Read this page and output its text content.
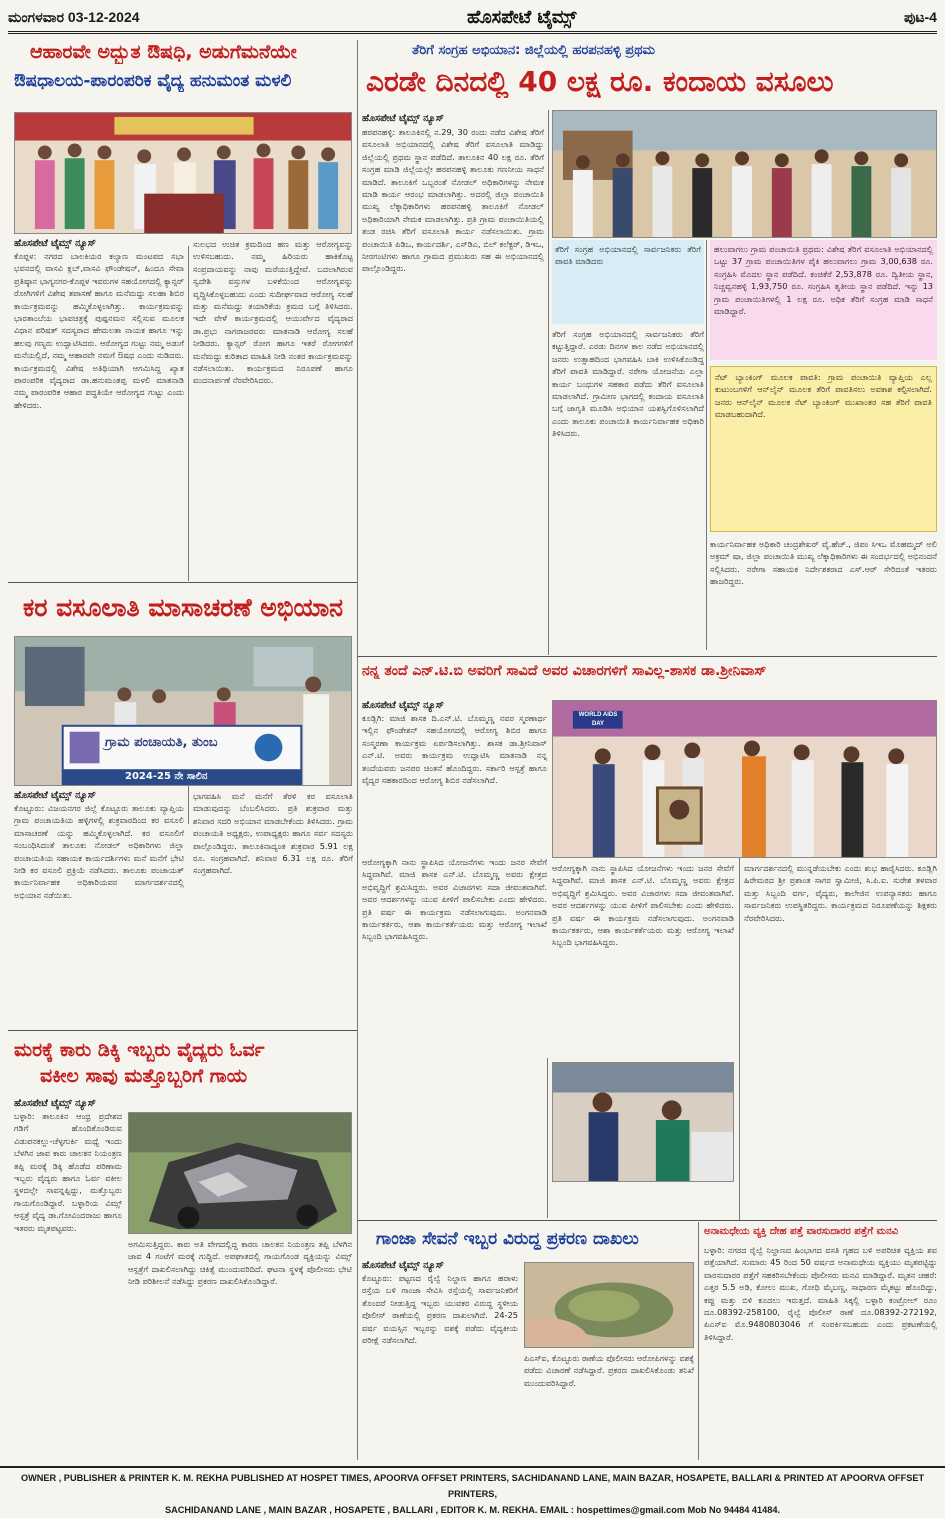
ಮಂಗಳವಾರ 03-12-2024	ಹೊಸಪೇಟೆ ಟೈಮ್ಸ್	ಪುಟ-4
ಆಹಾರವೇ ಅದ್ಭುತ ಔಷಧಿ, ಅಡುಗೆಮನೆಯೇ
ಔಷಧಾಲಯ-ಪಾರಂಪರಿಕ ವೈದ್ಯ ಹನುಮಂತ ಮಳಲಿ
ಹೊಸಪೇಟೆ ಟೈಮ್ಸ್ ನ್ಯೂಸ್
ಕೊಪ್ಪಳ: ನಗರದ ಬಾಲಕಿಯರ ಕಲ್ಯಾಣ ಮಂಟಪದ ಸಭಾ ಭವನದಲ್ಲಿ ವಾಸವಿ ಕ್ಲಬ್,ವಾಸವಿ ಫೌಂಡೇಷನ್, ಹಿಂದೂ ಸೇವಾ ಪ್ರತಿಷ್ಠಾನ ಭಾಗ್ಯನಗರ-ಕೊಪ್ಪಳ ಇವರುಗಳ ಸಹಯೋಗದಲ್ಲಿ ಕ್ಯಾನ್ಸರ್ ರೋಗಿಗಳಿಗೆ ವಿಶೇಷ ತಪಾಸಣೆ ಹಾಗೂ ಮನೆಮದ್ದು ಸಲಹಾ ಶಿಬಿರ ಕಾರ್ಯಕ್ರಮವನ್ನು ಹಮ್ಮಿಕೊಳ್ಳಲಾಗಿತ್ತು. ಕಾರ್ಯಕ್ರಮವನ್ನು ಭಾರತಾಂಬೆಯ ಭಾವಚಿತ್ರಕ್ಕೆ ಪುಷ್ಪನಮನ ಸಲ್ಲಿಸುವ ಮೂಲಕ ವಿಧಾನ ಪರಿಷತ್ ಸದಸ್ಯರಾದ ಹೇಮಲತಾ ನಾಯಕ ಹಾಗೂ ಇನ್ನು ಹಲವು ಗಣ್ಯರು ಉದ್ಘಾಟಿಸಿದರು. ಆರೋಗ್ಯದ ಗುಟ್ಟು ನಮ್ಮ ಅಡುಗೆ ಮನೆಯಲ್ಲಿದೆ, ನಮ್ಮ ಆಹಾರವೇ ನಮಗೆ ಔಷಧ ಎಂದು ನುಡಿದರು. ಕಾರ್ಯಕ್ರಮದಲ್ಲಿ ವಿಶೇಷ ಅತಿಥಿಯಾಗಿ ಆಗಮಿಸಿದ್ದ ಖ್ಯಾತ ಪಾರಂಪರಿಕ ವೈದ್ಯರಾದ ಡಾ.ಹನುಮಂತಪ್ಪ ಮಳಲಿ ಮಾತನಾಡಿ ನಮ್ಮ ಪಾರಂಪರಿಕ ಆಹಾರ ಪದ್ಧತಿಯೇ ಆರೋಗ್ಯದ ಗುಟ್ಟು ಎಂದು ಹೇಳಿದರು.
ಸುಲಭದ ಉಚಿತ ಕ್ರಮದಿಂದ ಹಣ ಮತ್ತು ಆರೋಗ್ಯವನ್ನು ಉಳಿಸಬಹುದು. ನಮ್ಮ ಹಿರಿಯರು ಹಾಕಿಕೊಟ್ಟ ಸಂಪ್ರದಾಯವನ್ನು ನಾವು ಮರೆಯುತ್ತಿದ್ದೇವೆ. ಬದಲಾಗಿರುವ ಸ್ವದೇಶಿ ವಸ್ತುಗಳ ಬಳಕೆಯಿಂದ ಆರೋಗ್ಯವನ್ನು ವೃದ್ಧಿಸಿಕೊಳ್ಳಬಹುದು ಎಂದು ಸುದೀರ್ಘವಾದ ಆರೋಗ್ಯ ಸಲಹೆ ಮತ್ತು ಮನೆಮದ್ದು ತಯಾರಿಕೆಯ ಕ್ರಮದ ಬಗ್ಗೆ ತಿಳಿಸಿದರು. ಇದೇ ವೇಳೆ ಕಾರ್ಯಕ್ರಮದಲ್ಲಿ ಆಯುರ್ವೇದ ವೈದ್ಯರಾದ ಡಾ.ಪ್ರಭು ನಾಗರಾಜರವರು ಮಾತನಾಡಿ ಆರೋಗ್ಯ ಸಲಹೆ ನೀಡಿದರು. ಕ್ಯಾನ್ಸರ್ ರೋಗ ಹಾಗೂ ಇತರೆ ರೋಗಗಳಿಗೆ ಮನೆಮದ್ದು ಕುರಿತಾದ ಮಾಹಿತಿ ನೀಡಿ ನಂತರ ಕಾರ್ಯಕ್ರಮವನ್ನು ನಡೆಸಲಾಯಿತು. ಕಾರ್ಯಕ್ರಮದ ನಿರೂಪಣೆ ಹಾಗೂ ವಂದನಾರ್ಪಣೆ ನೆರವೇರಿಸಿದರು.
ಕರ ವಸೂಲಾತಿ ಮಾಸಾಚರಣೆ ಅಭಿಯಾನ
ಗ್ರಾಮ ಪಂಚಾಯತಿ, ತುಂಬ
2024-25 ನೇ ಸಾಲಿನ
ಹೊಸಪೇಟೆ ಟೈಮ್ಸ್ ನ್ಯೂಸ್
ಕೊಟ್ಟೂರು: ವಿಜಯನಗರ ಜಿಲ್ಲೆ ಕೊಟ್ಟೂರು ತಾಲೂಕು ವ್ಯಾಪ್ತಿಯ ಗ್ರಾಮ ಪಂಚಾಯತಿಯ ಹಳ್ಳಿಗಳಲ್ಲಿ ಶುಕ್ರವಾರದಿಂದ ಕರ ವಸೂಲಿ ಮಾಸಾಚರಣೆ ಯನ್ನು ಹಮ್ಮಿಕೊಳ್ಳಲಾಗಿದೆ. ಕರ ವಸೂಲಿಗೆ ಸಂಬಂಧಿಸಿದಂತೆ ತಾಲೂಕು ನೋಡಲ್ ಅಧಿಕಾರಿಗಳು ಜಿಲ್ಲಾ ಪಂಚಾಯತಿಯ ಸಹಾಯಕ ಕಾರ್ಯದರ್ಶಿಗಳು ಮನೆ ಮನೆಗೆ ಭೇಟಿ ನೀಡಿ ಕರ ವಸೂಲಿ ಪ್ರಕ್ರಿಯೆ ನಡೆಸಿದರು. ತಾಲೂಕು ಪಂಚಾಯತ್ ಕಾರ್ಯನಿರ್ವಾಹಕ ಅಧಿಕಾರಿಯವರ ಮಾರ್ಗದರ್ಶನದಲ್ಲಿ ಅಭಿಯಾನ ನಡೆಯಿತು.
ಭಾಗವಹಿಸಿ ಮನೆ ಮನೆಗೆ ತೆರಳಿ ಕರ ವಸೂಲಾತಿ ಮಾಡುವುದನ್ನು ಬೆಂಬಲಿಸಿದರು. ಪ್ರತಿ ಶುಕ್ರವಾರ ಮತ್ತು ಶನಿವಾರ ಸದರಿ ಅಭಿಯಾನ ಮಾಡಬೇಕೆಂದು ತಿಳಿಸಿದರು. ಗ್ರಾಮ ಪಂಚಾಯತಿ ಅಧ್ಯಕ್ಷರು, ಉಪಾಧ್ಯಕ್ಷರು ಹಾಗೂ ಸರ್ವ ಸದಸ್ಯರು ಪಾಲ್ಗೊಂಡಿದ್ದರು. ತಾಲೂಕಿನಾದ್ಯಂತ ಶುಕ್ರವಾರ 5.91 ಲಕ್ಷ ರೂ. ಸಂಗ್ರಹವಾಗಿದೆ. ಶನಿವಾರ 6.31 ಲಕ್ಷ ರೂ. ತೆರಿಗೆ ಸಂಗ್ರಹವಾಗಿದೆ.
ಮರಕ್ಕೆ ಕಾರು ಡಿಕ್ಕಿ ಇಬ್ಬರು ವೈದ್ಯರು ಓರ್ವ
ವಕೀಲ ಸಾವು ಮತ್ತೊಬ್ಬರಿಗೆ ಗಾಯ
ಹೊಸಪೇಟೆ ಟೈಮ್ಸ್ ನ್ಯೂಸ್
ಬಳ್ಳಾರಿ: ತಾಲೂಕಿನ ಆಂಧ್ರ ಪ್ರದೇಶದ ಗಡಿಗೆ ಹೊಂದಿಕೊಂಡಿರುವ ವಿಡುಪನಕಲ್ಲು-ಚೆಳ್ಳಗುರ್ಕಿ ಮಧ್ಯೆ ಇಂದು ಬೆಳಗಿನ ಜಾವ ಕಾರು ಚಾಲಕನ ನಿಯಂತ್ರಣ ತಪ್ಪಿ ಮರಕ್ಕೆ ಡಿಕ್ಕಿ ಹೊಡೆದ ಪರಿಣಾಮ ಇಬ್ಬರು ವೈದ್ಯರು ಹಾಗೂ ಓರ್ವ ವಕೀಲ ಸ್ಥಳದಲ್ಲೇ ಸಾವನ್ನಪ್ಪಿದ್ದು, ಮತ್ತೊಬ್ಬರು ಗಾಯಗೊಂಡಿದ್ದಾರೆ. ಬಳ್ಳಾರಿಯ ವಿಮ್ಸ್ ಆಸ್ಪತ್ರೆ ವೈದ್ಯ ಡಾ.ಗೋವಿಂದರಾಜು ಹಾಗೂ ಇತರರು ಮೃತಪಟ್ಟವರು.
ಅಗಮಿಸುತ್ತಿದ್ದರು. ಕಾರು ಅತಿ ವೇಗದಲ್ಲಿದ್ದ ಕಾರಣ ಚಾಲಕನ ನಿಯಂತ್ರಣ ತಪ್ಪಿ ಬೆಳಗಿನ ಜಾವ 4 ಗಂಟೆಗೆ ಮರಕ್ಕೆ ಗುದ್ದಿದೆ. ಅಪಘಾತದಲ್ಲಿ ಗಾಯಗೊಂಡ ವ್ಯಕ್ತಿಯನ್ನು ವಿಮ್ಸ್ ಆಸ್ಪತ್ರೆಗೆ ದಾಖಲಿಸಲಾಗಿದ್ದು ಚಿಕಿತ್ಸೆ ಮುಂದುವರಿದಿದೆ. ಘಟನಾ ಸ್ಥಳಕ್ಕೆ ಪೊಲೀಸರು ಭೇಟಿ ನೀಡಿ ಪರಿಶೀಲನೆ ನಡೆಸಿದ್ದು ಪ್ರಕರಣ ದಾಖಲಿಸಿಕೊಂಡಿದ್ದಾರೆ.
ತೆರಿಗೆ ಸಂಗ್ರಹ ಅಭಿಯಾನ: ಜಿಲ್ಲೆಯಲ್ಲಿ ಹರಪನಹಳ್ಳಿ ಪ್ರಥಮ
ಎರಡೇ ದಿನದಲ್ಲಿ 40 ಲಕ್ಷ ರೂ. ಕಂದಾಯ ವಸೂಲು
ಹೊಸಪೇಟೆ ಟೈಮ್ಸ್ ನ್ಯೂಸ್
ಹರಪನಹಳ್ಳಿ: ತಾಲೂಕಿನಲ್ಲಿ ನ.29, 30 ರಂದು ನಡೆದ ವಿಶೇಷ ತೆರಿಗೆ ವಸೂಲಾತಿ ಅಭಿಯಾನದಲ್ಲಿ ವಿಶೇಷ ತೆರಿಗೆ ವಸೂಲಾತಿ ಮಾಡಿದ್ದು ಜಿಲ್ಲೆಯಲ್ಲಿ ಪ್ರಥಮ ಸ್ಥಾನ ಪಡೆದಿದೆ. ತಾಲೂಕಿನ 40 ಲಕ್ಷ ರೂ. ತೆರಿಗೆ ಸಂಗ್ರಹ ಮಾಡಿ ಜಿಲ್ಲೆಯಲ್ಲೇ ಹರಪನಹಳ್ಳಿ ತಾಲೂಕು ಗಣನೀಯ ಸಾಧನೆ ಮಾಡಿದೆ. ತಾಲೂಕಿಗೆ ಒಬ್ಬರಂತೆ ನೋಡಲ್ ಅಧಿಕಾರಿಗಳನ್ನು ನೇಮಕ ಮಾಡಿ ಕಾರ್ಯ ಆರಂಭ ಮಾಡಲಾಗಿತ್ತು. ಅದರಲ್ಲಿ ಜಿಲ್ಲಾ ಪಂಚಾಯಿತಿ ಮುಖ್ಯ ಲೆಕ್ಕಾಧಿಕಾರಿಗಳು ಹರಪನಹಳ್ಳಿ ತಾಲೂಕಿಗೆ ನೋಡಲ್ ಅಧಿಕಾರಿಯಾಗಿ ನೇಮಕ ಮಾಡಲಾಗಿತ್ತು. ಪ್ರತಿ ಗ್ರಾಮ ಪಂಚಾಯಿತಿಯಲ್ಲಿ ತಂಡ ರಚಿಸಿ ತೆರಿಗೆ ವಸೂಲಾತಿ ಕಾರ್ಯ ನಡೆಸಲಾಯಿತು. ಗ್ರಾಮ ಪಂಚಾಯಿತಿ ಪಿಡಿಒ, ಕಾರ್ಯದರ್ಶಿ, ಎಸ್‌ಡಿಎ, ಬಿಲ್ ಕಲೆಕ್ಟರ್, ಡಿಇಒ, ನೀರಗಂಟಿಗಳು ಹಾಗೂ ಗ್ರಾಮದ ಪ್ರಮುಖರು ಸಹ ಈ ಅಭಿಯಾನದಲ್ಲಿ ಪಾಲ್ಗೊಂಡಿದ್ದರು.
ತೆರಿಗೆ ಸಂಗ್ರಹ ಅಭಿಯಾನದಲ್ಲಿ ಸಾರ್ವಜನಿಕರು ತೆರಿಗೆ ಪಾವತಿ ಮಾಡಿದರು
ತೆರಿಗೆ ಸಂಗ್ರಹ ಅಭಿಯಾನದಲ್ಲಿ ಸಾರ್ವಜನಿಕರು ತೆರಿಗೆ ಕಟ್ಟುತ್ತಿದ್ದಾರೆ. ಎರಡು ದಿನಗಳ ಕಾಲ ನಡೆದ ಅಭಿಯಾನದಲ್ಲಿ ಜನರು ಉತ್ಸಾಹದಿಂದ ಭಾಗವಹಿಸಿ ಬಾಕಿ ಉಳಿಸಿಕೊಂಡಿದ್ದ ತೆರಿಗೆ ಪಾವತಿ ಮಾಡಿದ್ದಾರೆ. ನರೇಗಾ ಯೋಜನೆಯ ಎಲ್ಲಾ ಕಾರ್ಯ ಬಂಧುಗಳ ಸಹಕಾರ ಪಡೆದು ತೆರಿಗೆ ವಸೂಲಾತಿ ಮಾಡಲಾಗಿದೆ. ಗ್ರಾಮೀಣ ಭಾಗದಲ್ಲಿ ಕಂದಾಯ ವಸೂಲಾತಿ ಬಗ್ಗೆ ಜಾಗೃತಿ ಮೂಡಿಸಿ ಅಭಿಯಾನ ಯಶಸ್ವಿಗೊಳಿಸಲಾಗಿದೆ ಎಂದು ತಾಲೂಕು ಪಂಚಾಯಿತಿ ಕಾರ್ಯನಿರ್ವಾಹಕ ಅಧಿಕಾರಿ ತಿಳಿಸಿದರು.
ಹಲುವಾಗಲು ಗ್ರಾಮ ಪಂಚಾಯಿತಿ ಪ್ರಥಮ: ವಿಶೇಷ ತೆರಿಗೆ ವಸೂಲಾತಿ ಅಭಿಯಾನದಲ್ಲಿ ಒಟ್ಟು 37 ಗ್ರಾಮ ಪಂಚಾಯಿತಿಗಳ ಪೈಕಿ ಹಲುವಾಗಲು ಗ್ರಾಮ 3,00,638 ರೂ. ಸಂಗ್ರಹಿಸಿ ಮೊದಲ ಸ್ಥಾನ ಪಡೆದಿದೆ. ಕಂಚಿಕೆರೆ 2,53,878 ರೂ. ದ್ವಿತೀಯ ಸ್ಥಾನ, ನಿಚ್ಚವ್ವನಹಳ್ಳಿ 1,93,750 ರೂ. ಸಂಗ್ರಹಿಸಿ ತೃತೀಯ ಸ್ಥಾನ ಪಡೆದಿದೆ. ಇನ್ನು 13 ಗ್ರಾಮ ಪಂಚಾಯಿತಿಗಳಲ್ಲಿ 1 ಲಕ್ಷ ರೂ. ಅಧಿಕ ತೆರಿಗೆ ಸಂಗ್ರಹ ಮಾಡಿ ಸಾಧನೆ ಮಾಡಿದ್ದಾರೆ.
ನೆಟ್ ಬ್ಯಾಂಕಿಂಗ್ ಮೂಲಕ ಪಾವತಿ: ಗ್ರಾಮ ಪಂಚಾಯಿತಿ ವ್ಯಾಪ್ತಿಯ ಎಲ್ಲ ಕುಟುಂಬಗಳಿಗೆ ಆನ್‌ಲೈನ್ ಮೂಲಕ ತೆರಿಗೆ ಪಾವತಿಸಲು ಅವಕಾಶ ಕಲ್ಪಿಸಲಾಗಿದೆ. ಜನರು ಆನ್‌ಲೈನ್ ಮೂಲಕ ನೆಟ್ ಬ್ಯಾಂಕಿಂಗ್ ಮುಖಾಂತರ ಸಹ ತೆರಿಗೆ ಪಾವತಿ ಮಾಡಬಹುದಾಗಿದೆ.
ಕಾರ್ಯನಿರ್ವಾಹಕ ಅಧಿಕಾರಿ ಚಂದ್ರಶೇಖರ್ ವೈ.ಹೆಚ್., ಜಿಪಂ ಸಿಇಒ ಮೊಹಮ್ಮದ್ ಅಲಿ ಅಕ್ರಮ್ ಷಾ, ಜಿಲ್ಲಾ ಪಂಚಾಯಿತಿ ಮುಖ್ಯ ಲೆಕ್ಕಾಧಿಕಾರಿಗಳು ಈ ಸಂದರ್ಭದಲ್ಲಿ ಅಭಿನಂದನೆ ಸಲ್ಲಿಸಿದರು. ನರೇಗಾ ಸಹಾಯಕ ನಿರ್ದೇಶಕರಾದ ಎಸ್.ಆರ್ ಸೇರಿದಂತೆ ಇತರರು ಹಾಜರಿದ್ದರು.
ನನ್ನ ತಂದೆ ಎನ್.ಟಿ.ಬಿ ಅವರಿಗೆ ಸಾವಿದೆ ಅವರ ವಿಚಾರಗಳಿಗೆ ಸಾವಿಲ್ಲ-ಶಾಸಕ ಡಾ.ಶ್ರೀನಿವಾಸ್
ಹೊಸಪೇಟೆ ಟೈಮ್ಸ್ ನ್ಯೂಸ್
ಕೂಡ್ಲಿಗಿ: ಮಾಜಿ ಶಾಸಕ ದಿ.ಎನ್.ಟಿ. ಬೊಮ್ಮಣ್ಣ ನವರ ಸ್ಮರಣಾರ್ಥ ಇಲ್ಲಿನ ಫೌಂಡೇಶನ್ ಸಹಯೋಗದಲ್ಲಿ ಆರೋಗ್ಯ ಶಿಬಿರ ಹಾಗೂ ಸಂಸ್ಮರಣಾ ಕಾರ್ಯಕ್ರಮ ಏರ್ಪಡಿಸಲಾಗಿತ್ತು. ಶಾಸಕ ಡಾ.ಶ್ರೀನಿವಾಸ್ ಎನ್.ಟಿ. ಅವರು ಕಾರ್ಯಕ್ರಮ ಉದ್ಘಾಟಿಸಿ ಮಾತನಾಡಿ ನನ್ನ ತಂದೆಯವರು ಜನಪರ ಚಿಂತನೆ ಹೊಂದಿದ್ದರು. ಸರ್ಕಾರಿ ಆಸ್ಪತ್ರೆ ಹಾಗೂ ವೈದ್ಯರ ಸಹಕಾರದಿಂದ ಆರೋಗ್ಯ ಶಿಬಿರ ನಡೆಸಲಾಗಿದೆ.
WORLD AIDS DAY
ಆರೋಗ್ಯಕ್ಕಾಗಿ ನಾನು ಸ್ಥಾಪಿಸಿದ ಯೋಜನೆಗಳು ಇಂದು ಜನರ ಸೇವೆಗೆ ಸಿದ್ಧವಾಗಿವೆ. ಮಾಜಿ ಶಾಸಕ ಎನ್.ಟಿ. ಬೊಮ್ಮಣ್ಣ ಅವರು ಕ್ಷೇತ್ರದ ಅಭಿವೃದ್ಧಿಗೆ ಶ್ರಮಿಸಿದ್ದರು. ಅವರ ವಿಚಾರಗಳು ಸದಾ ಜೀವಂತವಾಗಿವೆ. ಅವರ ಆದರ್ಶಗಳನ್ನು ಯುವ ಪೀಳಿಗೆ ಪಾಲಿಸಬೇಕು ಎಂದು ಹೇಳಿದರು. ಪ್ರತಿ ವರ್ಷ ಈ ಕಾರ್ಯಕ್ರಮ ನಡೆಸಲಾಗುವುದು. ಅಂಗನವಾಡಿ ಕಾರ್ಯಕರ್ತರು, ಆಶಾ ಕಾರ್ಯಕರ್ತೆಯರು ಮತ್ತು ಆರೋಗ್ಯ ಇಲಾಖೆ ಸಿಬ್ಬಂದಿ ಭಾಗವಹಿಸಿದ್ದರು.
ಮಾರ್ಗದರ್ಶನದಲ್ಲಿ ಮುನ್ನಡೆಯಬೇಕು ಎಂದು ಶುಭ ಹಾರೈಸಿದರು. ಕೂಡ್ಲಿಗಿ ಹಿರೇಮಠದ ಶ್ರೀ ಪ್ರಶಾಂತ ಸಾಗರ ಸ್ವಾಮೀಜಿ, ಸಿ.ಪಿ.ಐ. ಸುರೇಶ ತಳವಾರ ಮತ್ತು ಸಿಬ್ಬಂದಿ ವರ್ಗ, ವೈದ್ಯರು, ಕಾಲೇಜಿನ ಉಪನ್ಯಾಸಕರು ಹಾಗೂ ಸಾರ್ವಜನಿಕರು ಉಪಸ್ಥಿತರಿದ್ದರು. ಕಾರ್ಯಕ್ರಮದ ನಿರೂಪಣೆಯನ್ನು ಶಿಕ್ಷಕರು ನೆರವೇರಿಸಿದರು.
ಆರೋಗ್ಯಕ್ಕಾಗಿ ನಾನು ಸ್ಥಾಪಿಸಿದ ಯೋಜನೆಗಳು ಇಂದು ಜನರ ಸೇವೆಗೆ ಸಿದ್ಧವಾಗಿವೆ. ಮಾಜಿ ಶಾಸಕ ಎನ್.ಟಿ. ಬೊಮ್ಮಣ್ಣ ಅವರು ಕ್ಷೇತ್ರದ ಅಭಿವೃದ್ಧಿಗೆ ಶ್ರಮಿಸಿದ್ದರು. ಅವರ ವಿಚಾರಗಳು ಸದಾ ಜೀವಂತವಾಗಿವೆ. ಅವರ ಆದರ್ಶಗಳನ್ನು ಯುವ ಪೀಳಿಗೆ ಪಾಲಿಸಬೇಕು ಎಂದು ಹೇಳಿದರು. ಪ್ರತಿ ವರ್ಷ ಈ ಕಾರ್ಯಕ್ರಮ ನಡೆಸಲಾಗುವುದು. ಅಂಗನವಾಡಿ ಕಾರ್ಯಕರ್ತರು, ಆಶಾ ಕಾರ್ಯಕರ್ತೆಯರು ಮತ್ತು ಆರೋಗ್ಯ ಇಲಾಖೆ ಸಿಬ್ಬಂದಿ ಭಾಗವಹಿಸಿದ್ದರು.
ಗಾಂಜಾ ಸೇವನೆ ಇಬ್ಬರ ವಿರುದ್ಧ ಪ್ರಕರಣ ದಾಖಲು
ಹೊಸಪೇಟೆ ಟೈಮ್ಸ್ ನ್ಯೂಸ್
ಕೊಟ್ಟೂರು: ಪಟ್ಟಣದ ರೈಲ್ವೆ ನಿಲ್ದಾಣ ಹಾಗೂ ಹರಾಳು ರಸ್ತೆಯ ಬಳಿ ಗಾಂಜಾ ಸೇವಿಸಿ ರಸ್ತೆಯಲ್ಲಿ ಸಾರ್ವಜನಿಕರಿಗೆ ತೊಂದರೆ ನೀಡುತ್ತಿದ್ದ ಇಬ್ಬರು ಯುವಕರ ವಿರುದ್ಧ ಸ್ಥಳೀಯ ಪೊಲೀಸ್ ಠಾಣೆಯಲ್ಲಿ ಪ್ರಕರಣ ದಾಖಲಾಗಿದೆ. 24-25 ವರ್ಷ ವಯಸ್ಸಿನ ಇಬ್ಬರನ್ನು ವಶಕ್ಕೆ ಪಡೆದು ವೈದ್ಯಕೀಯ ಪರೀಕ್ಷೆ ನಡೆಸಲಾಗಿದೆ.
ಪಿಎಸ್ಐ, ಕೊಟ್ಟೂರು ಠಾಣೆಯ ಪೊಲೀಸರು ಆರೋಪಿಗಳನ್ನು ವಶಕ್ಕೆ ಪಡೆದು ವಿಚಾರಣೆ ನಡೆಸಿದ್ದಾರೆ. ಪ್ರಕರಣ ದಾಖಲಿಸಿಕೊಂಡು ತನಿಖೆ ಮುಂದುವರಿಸಿದ್ದಾರೆ.
ಅನಾಮಧೇಯ ವ್ಯಕ್ತಿ ದೇಹ ಪತ್ತೆ ವಾರಸುದಾರರ ಪತ್ತೆಗೆ ಮನವಿ
ಬಳ್ಳಾರಿ: ನಗರದ ರೈಲ್ವೆ ನಿಲ್ದಾಣದ ಹಿಂಭಾಗದ ವಸತಿ ಗೃಹದ ಬಳಿ ಅಪರಿಚಿತ ವ್ಯಕ್ತಿಯ ಶವ ಪತ್ತೆಯಾಗಿದೆ. ಸುಮಾರು 45 ರಿಂದ 50 ವರ್ಷದ ಅನಾಮಧೇಯ ವ್ಯಕ್ತಿಯು ಮೃತಪಟ್ಟಿದ್ದು ವಾರಸುದಾರರ ಪತ್ತೆಗೆ ಸಹಕರಿಸಬೇಕೆಂದು ಪೊಲೀಸರು ಮನವಿ ಮಾಡಿದ್ದಾರೆ. ಮೃತನ ಚಹರೆ: ಎತ್ತರ 5.5 ಅಡಿ, ಕೋಲು ಮುಖ, ಗೋಧಿ ಮೈಬಣ್ಣ, ಸಾಧಾರಣ ಮೈಕಟ್ಟು ಹೊಂದಿದ್ದು, ಕಪ್ಪು ಮತ್ತು ಬಿಳಿ ಕೂದಲು ಇರುತ್ತದೆ. ಮಾಹಿತಿ ಸಿಕ್ಕಲ್ಲಿ ಬಳ್ಳಾರಿ ಕಂಟ್ರೋಲ್ ರೂಂ ದೂ.08392-258100, ರೈಲ್ವೆ ಪೊಲೀಸ್ ಠಾಣೆ ದೂ.08392-272192, ಪಿಎಸ್ಐ ಮೊ.9480803046 ಗೆ ಸಂಪರ್ಕಿಸಬಹುದು ಎಂದು ಪ್ರಕಟಣೆಯಲ್ಲಿ ತಿಳಿಸಿದ್ದಾರೆ.
OWNER , PUBLISHER & PRINTER K. M. REKHA PUBLISHED AT HOSPET TIMES, APOORVA OFFSET PRINTERS, SACHIDANAND LANE, MAIN BAZAR, HOSAPETE, BALLARI & PRINTED AT APOORVA OFFSET PRINTERS,
SACHIDANAND LANE , MAIN BAZAR , HOSAPETE , BALLARI , EDITOR K. M. REKHA. EMAIL : hospettimes@gmail.com Mob No 94484 41484.
